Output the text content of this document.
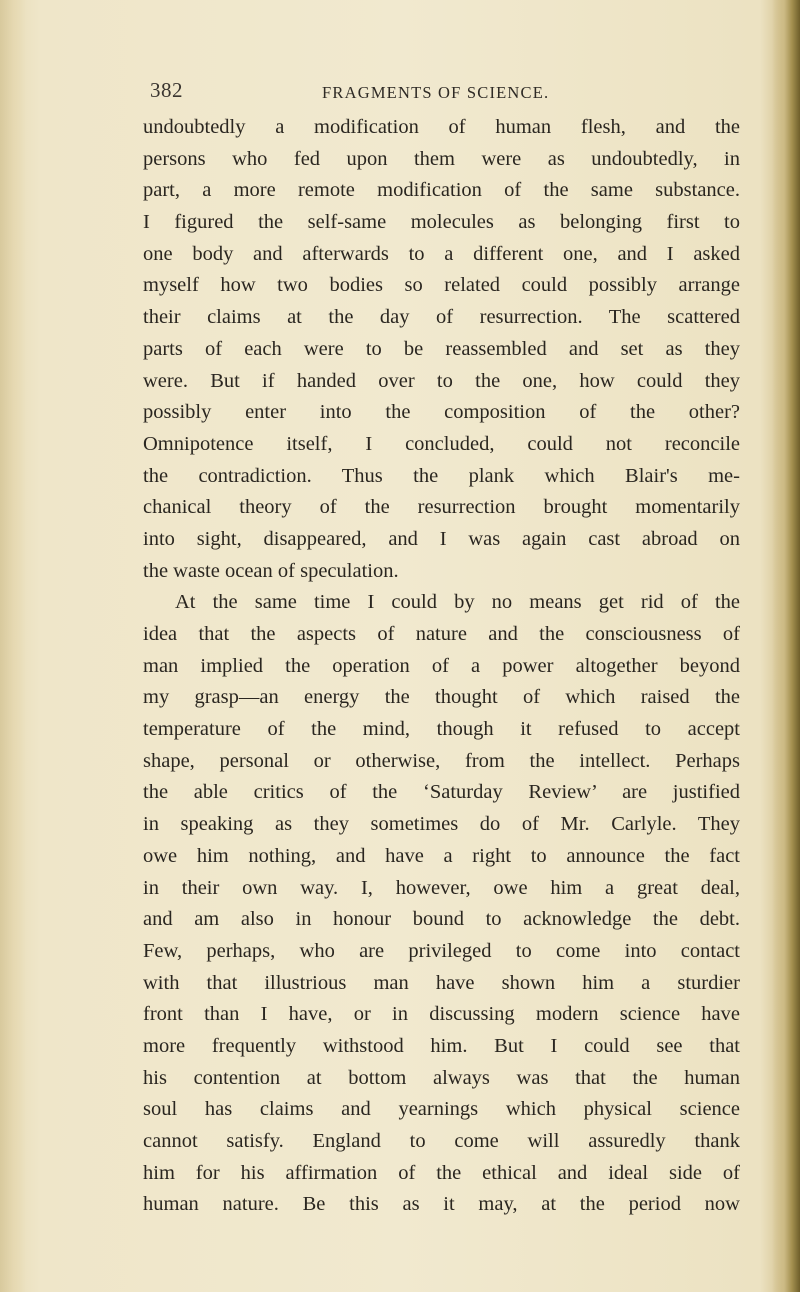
382	FRAGMENTS OF SCIENCE.
undoubtedly a modification of human flesh, and the
persons who fed upon them were as undoubtedly, in
part, a more remote modification of the same substance.
I figured the self-same molecules as belonging first to
one body and afterwards to a different one, and I asked
myself how two bodies so related could possibly arrange
their claims at the day of resurrection. The scattered
parts of each were to be reassembled and set as they
were. But if handed over to the one, how could they
possibly enter into the composition of the other?
Omnipotence itself, I concluded, could not reconcile
the contradiction. Thus the plank which Blair's me-
chanical theory of the resurrection brought momentarily
into sight, disappeared, and I was again cast abroad on
the waste ocean of speculation.
At the same time I could by no means get rid of the
idea that the aspects of nature and the consciousness of
man implied the operation of a power altogether beyond
my grasp—an energy the thought of which raised the
temperature of the mind, though it refused to accept
shape, personal or otherwise, from the intellect. Perhaps
the able critics of the ‘Saturday Review’ are justified
in speaking as they sometimes do of Mr. Carlyle. They
owe him nothing, and have a right to announce the fact
in their own way. I, however, owe him a great deal,
and am also in honour bound to acknowledge the debt.
Few, perhaps, who are privileged to come into contact
with that illustrious man have shown him a sturdier
front than I have, or in discussing modern science have
more frequently withstood him. But I could see that
his contention at bottom always was that the human
soul has claims and yearnings which physical science
cannot satisfy. England to come will assuredly thank
him for his affirmation of the ethical and ideal side of
human nature. Be this as it may, at the period now
